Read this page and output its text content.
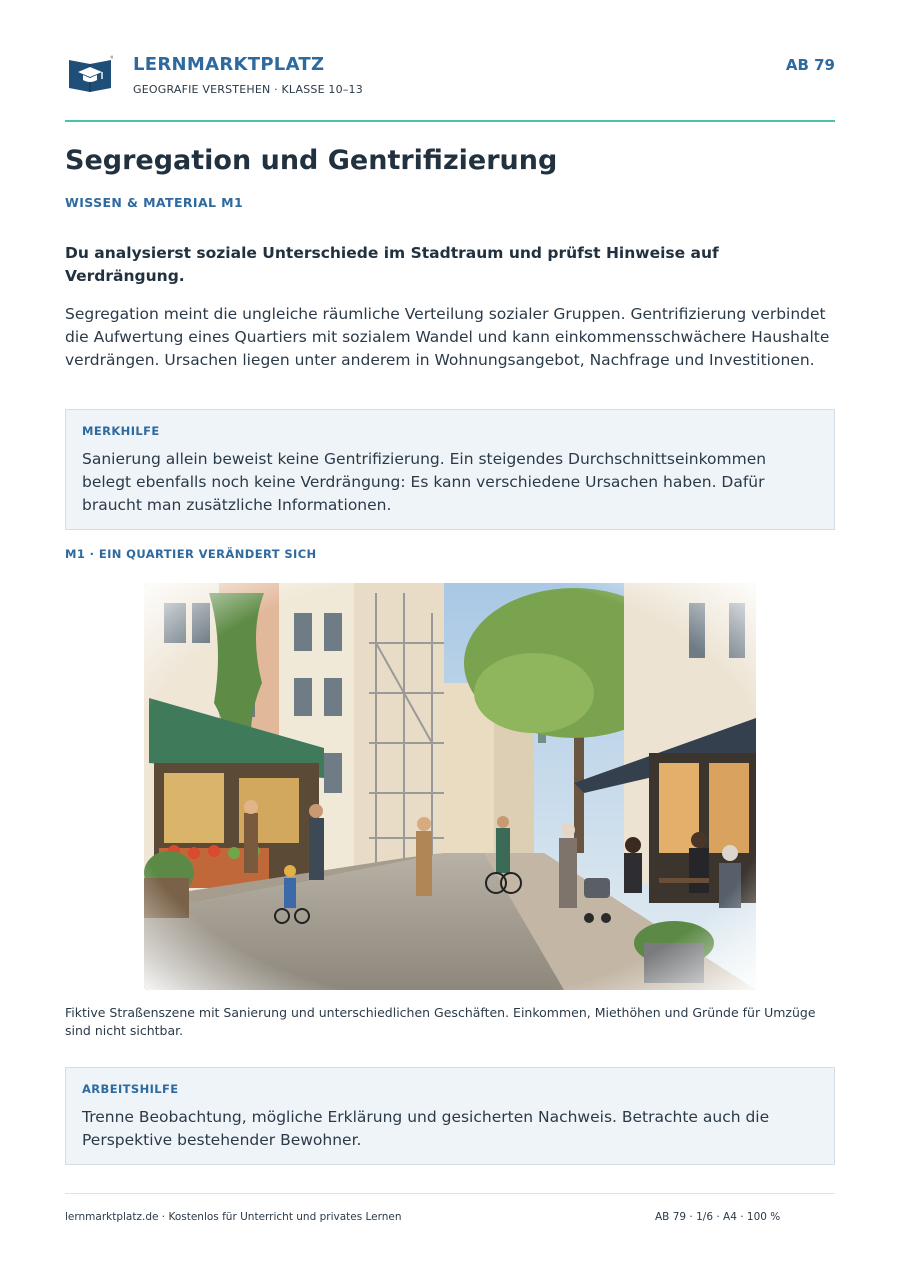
LERNMARKTPLATZ
GEOGRAFIE VERSTEHEN · KLASSE 10–13
AB 79
Segregation und Gentrifizierung
WISSEN & MATERIAL M1

Du analysierst soziale Unterschiede im Stadtraum und prüfst Hinweise auf Verdrängung.

Segregation meint die ungleiche räumliche Verteilung sozialer Gruppen. Gentrifizierung verbindet die Aufwertung eines Quartiers mit sozialem Wandel und kann einkommensschwächere Haushalte verdrängen. Ursachen liegen unter anderem in Wohnungsangebot, Nachfrage und Investitionen.

MERKHILFE
Sanierung allein beweist keine Gentrifizierung. Ein steigendes Durchschnittseinkommen belegt ebenfalls noch keine Verdrängung: Es kann verschiedene Ursachen haben. Dafür braucht man zusätzliche Informationen.
M1 · EIN QUARTIER VERÄNDERT SICH

Fiktive Straßenszene mit Sanierung und unterschiedlichen Geschäften. Einkommen, Miethöhen und Gründe für Umzüge sind nicht sichtbar.

ARBEITSHILFE
Trenne Beobachtung, mögliche Erklärung und gesicherten Nachweis. Betrachte auch die Perspektive bestehender Bewohner.
lernmarktplatz.de · Kostenlos für Unterricht und privates Lernen	AB 79 · 1/6 · A4 · 100 %
